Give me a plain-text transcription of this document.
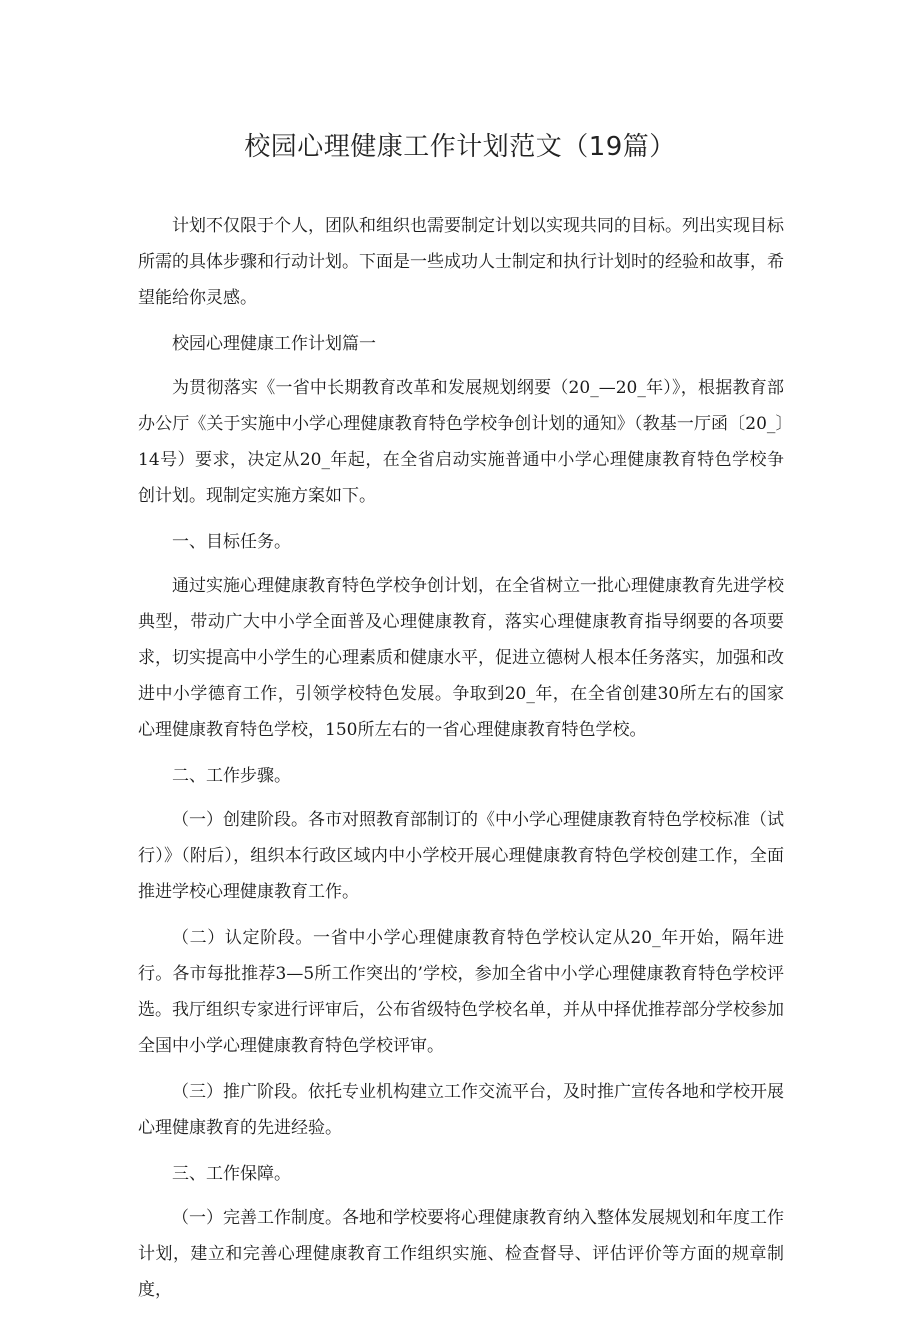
校园心理健康工作计划范文（19篇）

计划不仅限于个人，团队和组织也需要制定计划以实现共同的目标。列出实现目标所需的具体步骤和行动计划。下面是一些成功人士制定和执行计划时的经验和故事，希望能给你灵感。

校园心理健康工作计划篇一

为贯彻落实《一省中长期教育改革和发展规划纲要（20_—20_年）》，根据教育部办公厅《关于实施中小学心理健康教育特色学校争创计划的通知》（教基一厅函〔20_〕14号）要求，决定从20_年起，在全省启动实施普通中小学心理健康教育特色学校争创计划。现制定实施方案如下。

一、目标任务。

通过实施心理健康教育特色学校争创计划，在全省树立一批心理健康教育先进学校典型，带动广大中小学全面普及心理健康教育，落实心理健康教育指导纲要的各项要求，切实提高中小学生的心理素质和健康水平，促进立德树人根本任务落实，加强和改进中小学德育工作，引领学校特色发展。争取到20_年，在全省创建30所左右的国家心理健康教育特色学校，150所左右的一省心理健康教育特色学校。

二、工作步骤。

（一）创建阶段。各市对照教育部制订的《中小学心理健康教育特色学校标准（试行）》（附后），组织本行政区域内中小学校开展心理健康教育特色学校创建工作，全面推进学校心理健康教育工作。

（二）认定阶段。一省中小学心理健康教育特色学校认定从20_年开始，隔年进行。各市每批推荐3—5所工作突出的’学校，参加全省中小学心理健康教育特色学校评选。我厅组织专家进行评审后，公布省级特色学校名单，并从中择优推荐部分学校参加全国中小学心理健康教育特色学校评审。

（三）推广阶段。依托专业机构建立工作交流平台，及时推广宣传各地和学校开展心理健康教育的先进经验。

三、工作保障。

（一）完善工作制度。各地和学校要将心理健康教育纳入整体发展规划和年度工作计划，建立和完善心理健康教育工作组织实施、检查督导、评估评价等方面的规章制度，
